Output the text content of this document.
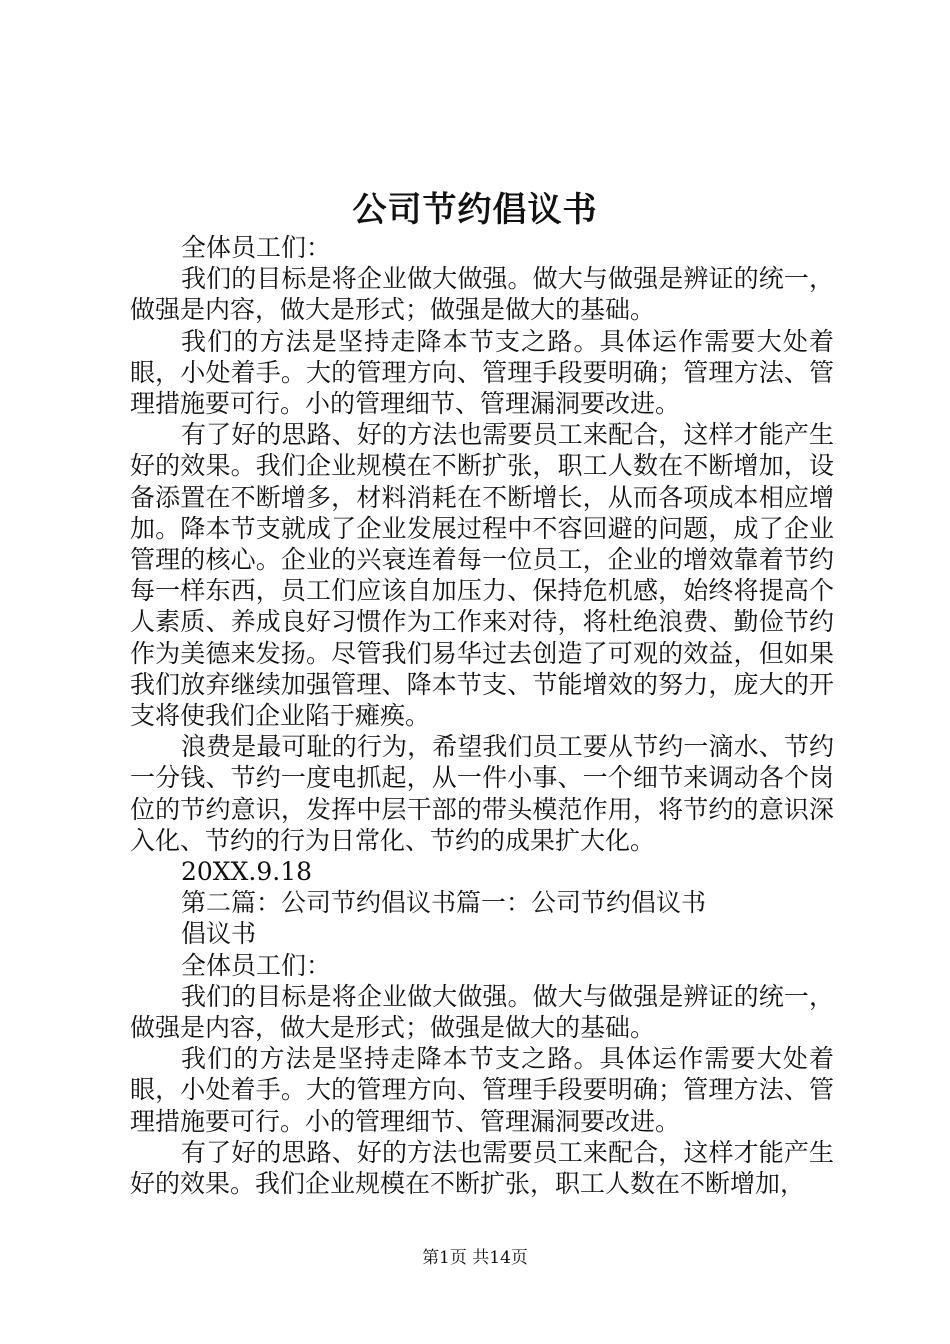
公司节约倡议书

全体员工们：

我们的目标是将企业做大做强。做大与做强是辨证的统一，做强是内容，做大是形式；做强是做大的基础。

我们的方法是坚持走降本节支之路。具体运作需要大处着眼，小处着手。大的管理方向、管理手段要明确；管理方法、管理措施要可行。小的管理细节、管理漏洞要改进。

有了好的思路、好的方法也需要员工来配合，这样才能产生好的效果。我们企业规模在不断扩张，职工人数在不断增加，设备添置在不断增多，材料消耗在不断增长，从而各项成本相应增加。降本节支就成了企业发展过程中不容回避的问题，成了企业管理的核心。企业的兴衰连着每一位员工，企业的增效靠着节约每一样东西，员工们应该自加压力、保持危机感，始终将提高个人素质、养成良好习惯作为工作来对待，将杜绝浪费、勤俭节约作为美德来发扬。尽管我们易华过去创造了可观的效益，但如果我们放弃继续加强管理、降本节支、节能增效的努力，庞大的开支将使我们企业陷于瘫痪。

浪费是最可耻的行为，希望我们员工要从节约一滴水、节约一分钱、节约一度电抓起，从一件小事、一个细节来调动各个岗位的节约意识，发挥中层干部的带头模范作用，将节约的意识深入化、节约的行为日常化、节约的成果扩大化。

20XX.9.18

第二篇：公司节约倡议书篇一：公司节约倡议书

倡议书

全体员工们：

我们的目标是将企业做大做强。做大与做强是辨证的统一，做强是内容，做大是形式；做强是做大的基础。

我们的方法是坚持走降本节支之路。具体运作需要大处着眼，小处着手。大的管理方向、管理手段要明确；管理方法、管理措施要可行。小的管理细节、管理漏洞要改进。

有了好的思路、好的方法也需要员工来配合，这样才能产生好的效果。我们企业规模在不断扩张，职工人数在不断增加，

第1页 共14页
